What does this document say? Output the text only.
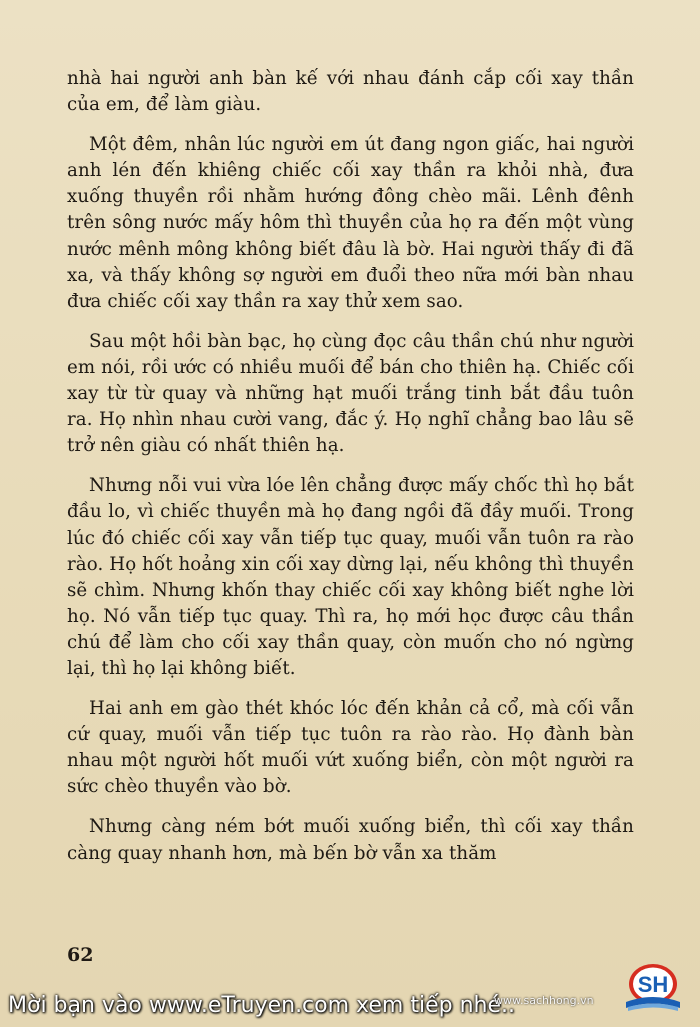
nhà hai người anh bàn kế với nhau đánh cắp cối xay thần của em, để làm giàu.

Một đêm, nhân lúc người em út đang ngon giấc, hai người anh lén đến khiêng chiếc cối xay thần ra khỏi nhà, đưa xuống thuyền rồi nhằm hướng đông chèo mãi. Lênh đênh trên sông nước mấy hôm thì thuyền của họ ra đến một vùng nước mênh mông không biết đâu là bờ. Hai người thấy đi đã xa, và thấy không sợ người em đuổi theo nữa mới bàn nhau đưa chiếc cối xay thần ra xay thử xem sao.

Sau một hồi bàn bạc, họ cùng đọc câu thần chú như người em nói, rồi ước có nhiều muối để bán cho thiên hạ. Chiếc cối xay từ từ quay và những hạt muối trắng tinh bắt đầu tuôn ra. Họ nhìn nhau cười vang, đắc ý. Họ nghĩ chẳng bao lâu sẽ trở nên giàu có nhất thiên hạ.

Nhưng nỗi vui vừa lóe lên chẳng được mấy chốc thì họ bắt đầu lo, vì chiếc thuyền mà họ đang ngồi đã đầy muối. Trong lúc đó chiếc cối xay vẫn tiếp tục quay, muối vẫn tuôn ra rào rào. Họ hốt hoảng xin cối xay dừng lại, nếu không thì thuyền sẽ chìm. Nhưng khốn thay chiếc cối xay không biết nghe lời họ. Nó vẫn tiếp tục quay. Thì ra, họ mới học được câu thần chú để làm cho cối xay thần quay, còn muốn cho nó ngừng lại, thì họ lại không biết.

Hai anh em gào thét khóc lóc đến khản cả cổ, mà cối vẫn cứ quay, muối vẫn tiếp tục tuôn ra rào rào. Họ đành bàn nhau một người hốt muối vứt xuống biển, còn một người ra sức chèo thuyền vào bờ.

Nhưng càng ném bớt muối xuống biển, thì cối xay thần càng quay nhanh hơn, mà bến bờ vẫn xa thăm

62
Mời bạn vào www.eTruyen.com xem tiếp nhé..
www.sachhong.vn
SH
